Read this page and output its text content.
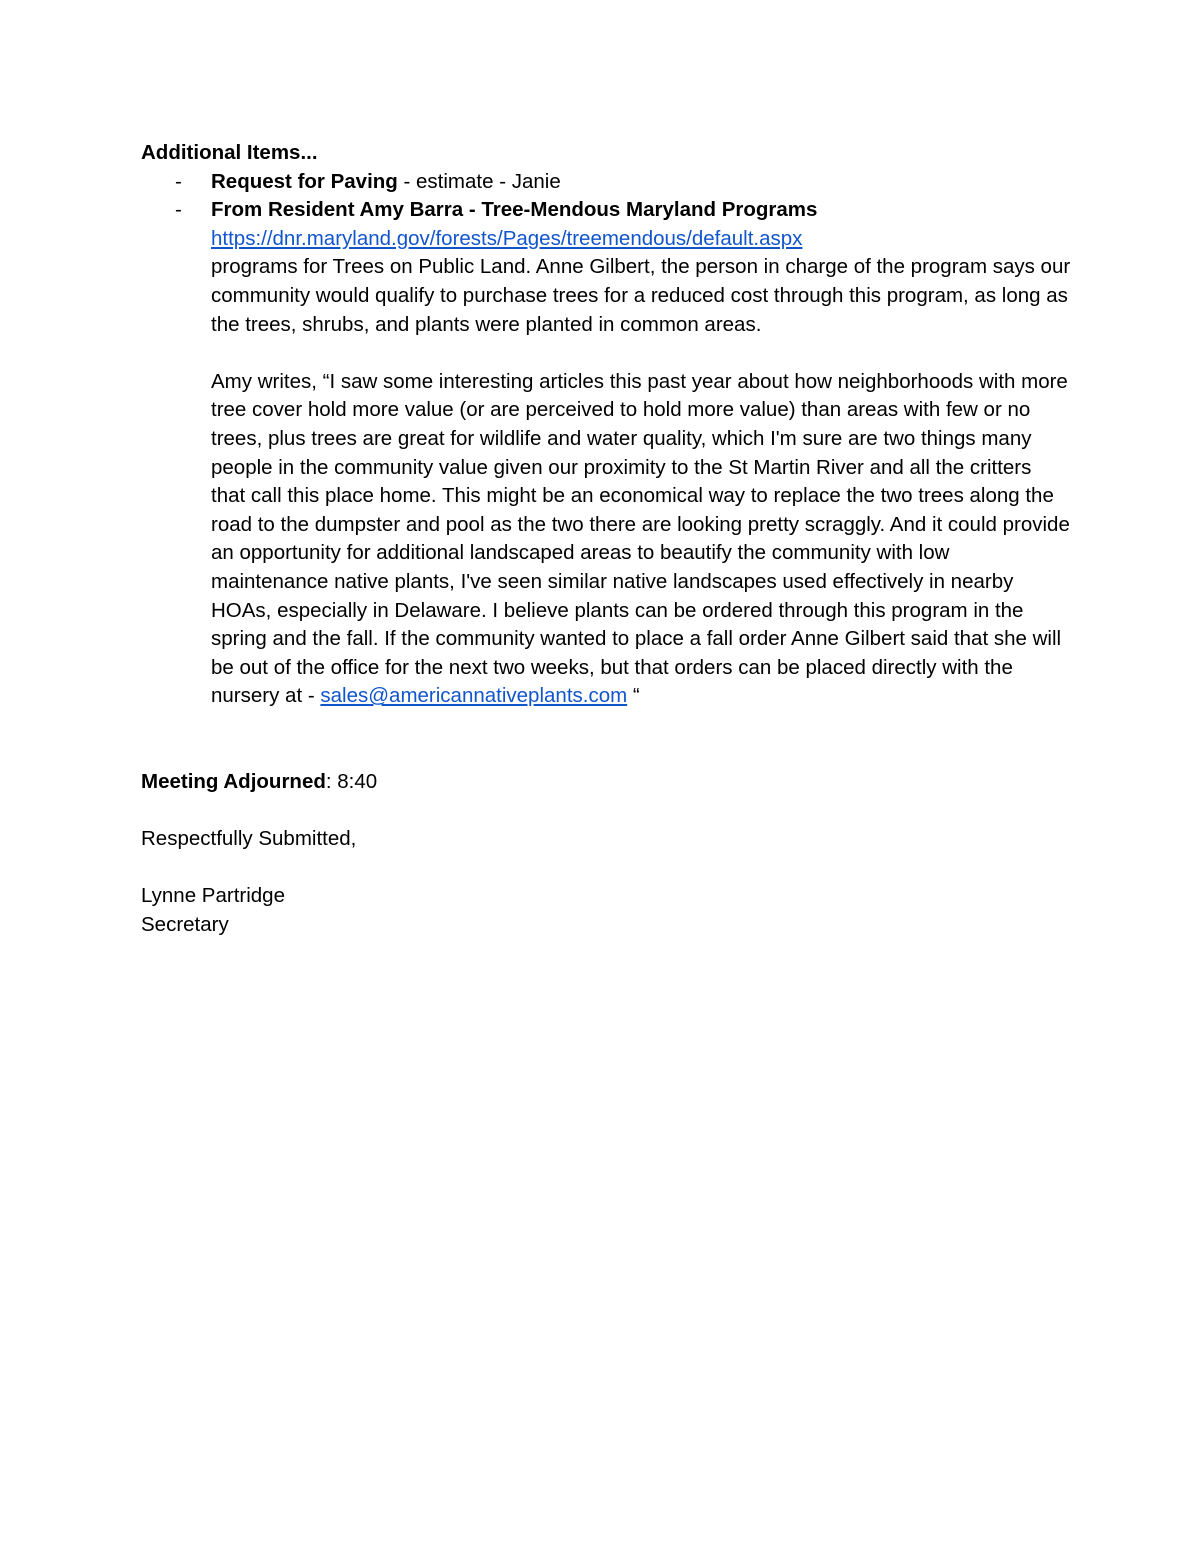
Additional Items...
- Request for Paving - estimate - Janie
- From Resident Amy Barra - Tree-Mendous Maryland Programs
https://dnr.maryland.gov/forests/Pages/treemendous/default.aspx

programs for Trees on Public Land. Anne Gilbert, the person in charge of the program says our community would qualify to purchase trees for a reduced cost through this program, as long as the trees, shrubs, and plants were planted in common areas.

Amy writes, “I saw some interesting articles this past year about how neighborhoods with more tree cover hold more value (or are perceived to hold more value) than areas with few or no trees, plus trees are great for wildlife and water quality, which I'm sure are two things many people in the community value given our proximity to the St Martin River and all the critters that call this place home. This might be an economical way to replace the two trees along the road to the dumpster and pool as the two there are looking pretty scraggly. And it could provide an opportunity for additional landscaped areas to beautify the community with low maintenance native plants, I've seen similar native landscapes used effectively in nearby HOAs, especially in Delaware. I believe plants can be ordered through this program in the spring and the fall. If the community wanted to place a fall order Anne Gilbert said that she will be out of the office for the next two weeks, but that orders can be placed directly with the nursery at - sales@americannativeplants.com “

Meeting Adjourned: 8:40
Respectfully Submitted,
Lynne Partridge
Secretary
